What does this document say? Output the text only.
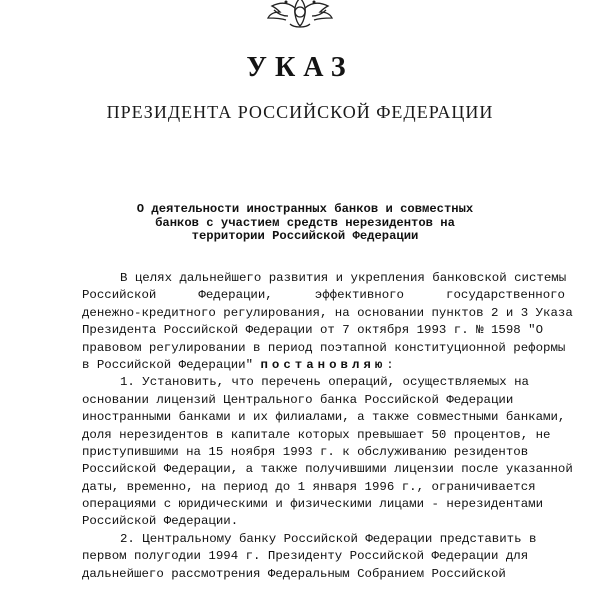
УКАЗ
ПРЕЗИДЕНТА РОССИЙСКОЙ ФЕДЕРАЦИИ
О деятельности иностранных банков и совместных
банков с участием средств нерезидентов на
территории Российской Федерации
В целях дальнейшего развития и укрепления банковской системы
Российской Федерации, эффективного государственного
денежно-кредитного регулирования, на основании пунктов 2 и 3 Указа
Президента Российской Федерации от 7 октября 1993 г. № 1598 "О
правовом регулировании в период поэтапной конституционной реформы
в Российской Федерации" постановляю:
1. Установить, что перечень операций, осуществляемых на
основании лицензий Центрального банка Российской Федерации
иностранными банками и их филиалами, а также совместными банками,
доля нерезидентов в капитале которых превышает 50 процентов, не
приступившими на 15 ноября 1993 г. к обслуживанию резидентов
Российской Федерации, а также получившими лицензии после указанной
даты, временно, на период до 1 января 1996 г., ограничивается
операциями с юридическими и физическими лицами - нерезидентами
Российской Федерации.
2. Центральному банку Российской Федерации представить в
первом полугодии 1994 г. Президенту Российской Федерации для
дальнейшего рассмотрения Федеральным Собранием Российской
